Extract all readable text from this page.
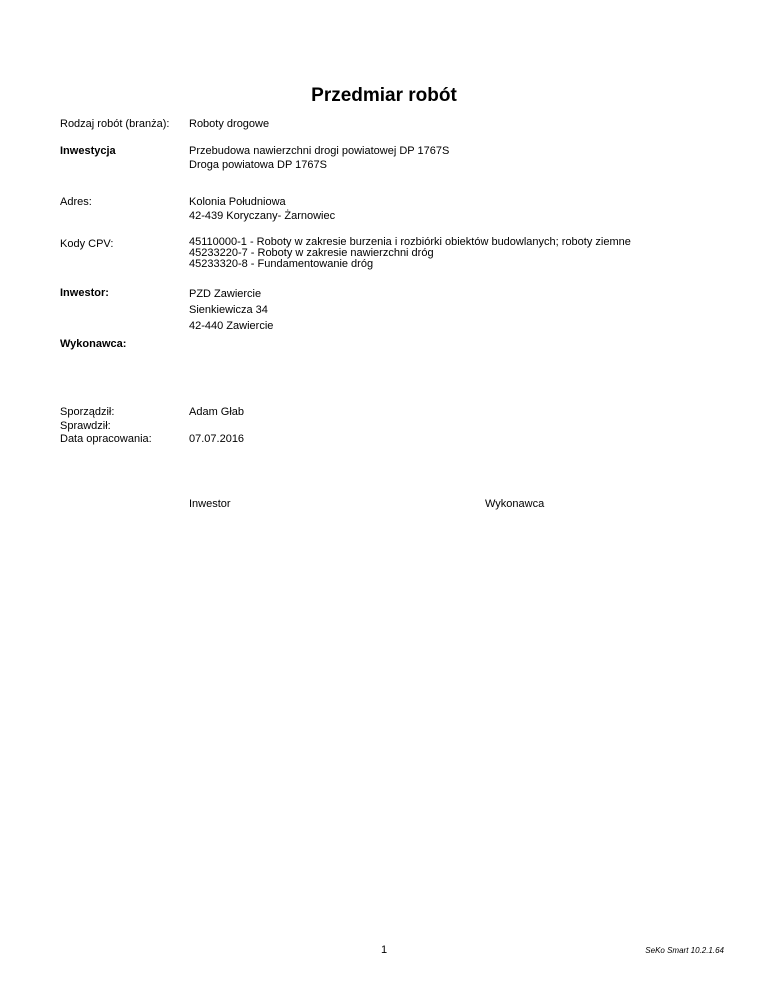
Przedmiar robót
Rodzaj robót (branża): Roboty drogowe
Inwestycja	Przebudowa nawierzchni drogi powiatowej DP 1767S
Droga powiatowa DP 1767S
Adres:	Kolonia Południowa
42-439 Koryczany- Żarnowiec
Kody CPV:	45110000-1 - Roboty w zakresie burzenia i rozbiórki obiektów budowlanych; roboty ziemne
45233220-7 - Roboty w zakresie nawierzchni dróg
45233320-8 - Fundamentowanie dróg
Inwestor:	PZD Zawiercie
Sienkiewicza 34
42-440 Zawiercie
Wykonawca:
Sporządził:	Adam Głab
Sprawdził:
Data opracowania:	07.07.2016
Inwestor	Wykonawca
1	SeKo Smart 10.2.1.64
